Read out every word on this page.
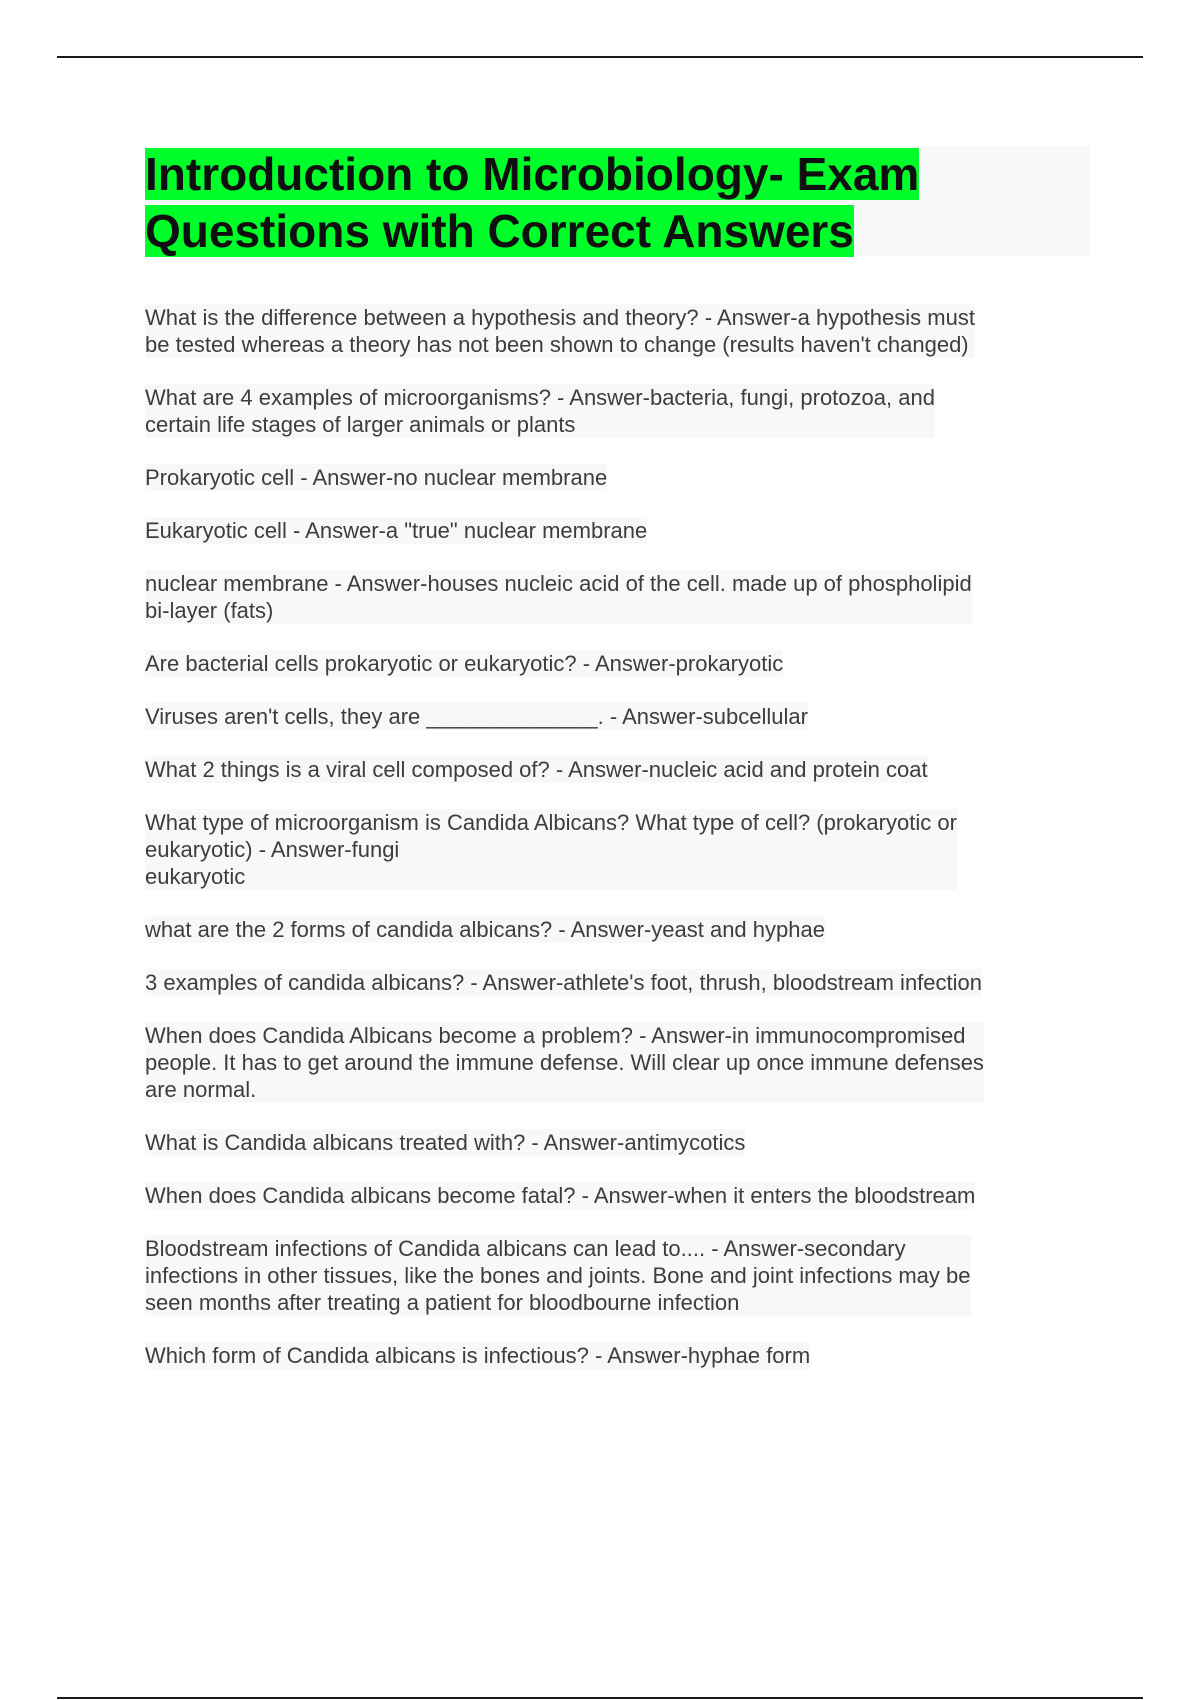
Introduction to Microbiology- Exam
Questions with Correct Answers

What is the difference between a hypothesis and theory? - Answer-a hypothesis must
be tested whereas a theory has not been shown to change (results haven't changed)

What are 4 examples of microorganisms? - Answer-bacteria, fungi, protozoa, and
certain life stages of larger animals or plants

Prokaryotic cell - Answer-no nuclear membrane

Eukaryotic cell - Answer-a "true" nuclear membrane

nuclear membrane - Answer-houses nucleic acid of the cell. made up of phospholipid
bi-layer (fats)

Are bacterial cells prokaryotic or eukaryotic? - Answer-prokaryotic

Viruses aren't cells, they are ______________. - Answer-subcellular

What 2 things is a viral cell composed of? - Answer-nucleic acid and protein coat

What type of microorganism is Candida Albicans? What type of cell? (prokaryotic or
eukaryotic) - Answer-fungi
eukaryotic

what are the 2 forms of candida albicans? - Answer-yeast and hyphae

3 examples of candida albicans? - Answer-athlete's foot, thrush, bloodstream infection

When does Candida Albicans become a problem? - Answer-in immunocompromised
people. It has to get around the immune defense. Will clear up once immune defenses
are normal.

What is Candida albicans treated with? - Answer-antimycotics

When does Candida albicans become fatal? - Answer-when it enters the bloodstream

Bloodstream infections of Candida albicans can lead to.... - Answer-secondary
infections in other tissues, like the bones and joints. Bone and joint infections may be
seen months after treating a patient for bloodbourne infection

Which form of Candida albicans is infectious? - Answer-hyphae form
